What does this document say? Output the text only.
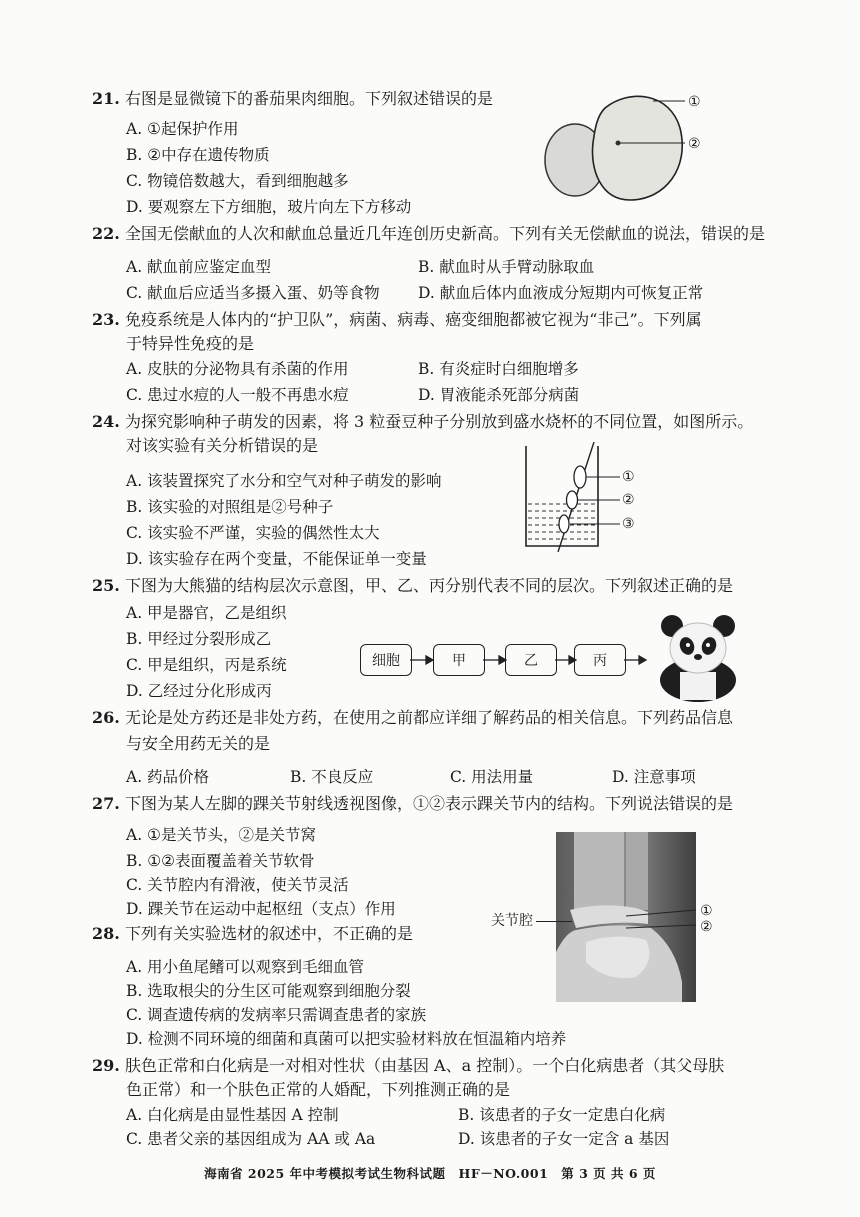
21. 右图是显微镜下的番茄果肉细胞。下列叙述错误的是
A. ①起保护作用
B. ②中存在遗传物质
C. 物镜倍数越大，看到细胞越多
D. 要观察左下方细胞，玻片向左下方移动
①
②
22. 全国无偿献血的人次和献血总量近几年连创历史新高。下列有关无偿献血的说法，错误的是
A. 献血前应鉴定血型	B. 献血时从手臂动脉取血
C. 献血后应适当多摄入蛋、奶等食物 D. 献血后体内血液成分短期内可恢复正常
23. 免疫系统是人体内的“护卫队”，病菌、病毒、癌变细胞都被它视为“非己”。下列属
于特异性免疫的是
A. 皮肤的分泌物具有杀菌的作用	B. 有炎症时白细胞增多
C. 患过水痘的人一般不再患水痘	D. 胃液能杀死部分病菌
24. 为探究影响种子萌发的因素，将 3 粒蚕豆种子分别放到盛水烧杯的不同位置，如图所示。
对该实验有关分析错误的是
A. 该装置探究了水分和空气对种子萌发的影响
B. 该实验的对照组是②号种子
C. 该实验不严谨，实验的偶然性太大
D. 该实验存在两个变量，不能保证单一变量
①
②
③
25. 下图为大熊猫的结构层次示意图，甲、乙、丙分别代表不同的层次。下列叙述正确的是
A. 甲是器官，乙是组织
B. 甲经过分裂形成乙
C. 甲是组织，丙是系统
D. 乙经过分化形成丙
细胞	甲	乙	丙
26. 无论是处方药还是非处方药，在使用之前都应详细了解药品的相关信息。下列药品信息
与安全用药无关的是
A. 药品价格	B. 不良反应	C. 用法用量	D. 注意事项
27. 下图为某人左脚的踝关节射线透视图像，①②表示踝关节内的结构。下列说法错误的是
A. ①是关节头，②是关节窝
B. ①②表面覆盖着关节软骨
C. 关节腔内有滑液，使关节灵活
D. 踝关节在运动中起枢纽（支点）作用
关节腔
①
②
28. 下列有关实验选材的叙述中，不正确的是
A. 用小鱼尾鳍可以观察到毛细血管
B. 选取根尖的分生区可能观察到细胞分裂
C. 调查遗传病的发病率只需调查患者的家族
D. 检测不同环境的细菌和真菌可以把实验材料放在恒温箱内培养
29. 肤色正常和白化病是一对相对性状（由基因 A、a 控制）。一个白化病患者（其父母肤
色正常）和一个肤色正常的人婚配，下列推测正确的是
A. 白化病是由显性基因 A 控制	B. 该患者的子女一定患白化病
C. 患者父亲的基因组成为 AA 或 Aa	D. 该患者的子女一定含 a 基因
海南省 2025 年中考模拟考试生物科试题　HF－NO.001　第 3 页 共 6 页
